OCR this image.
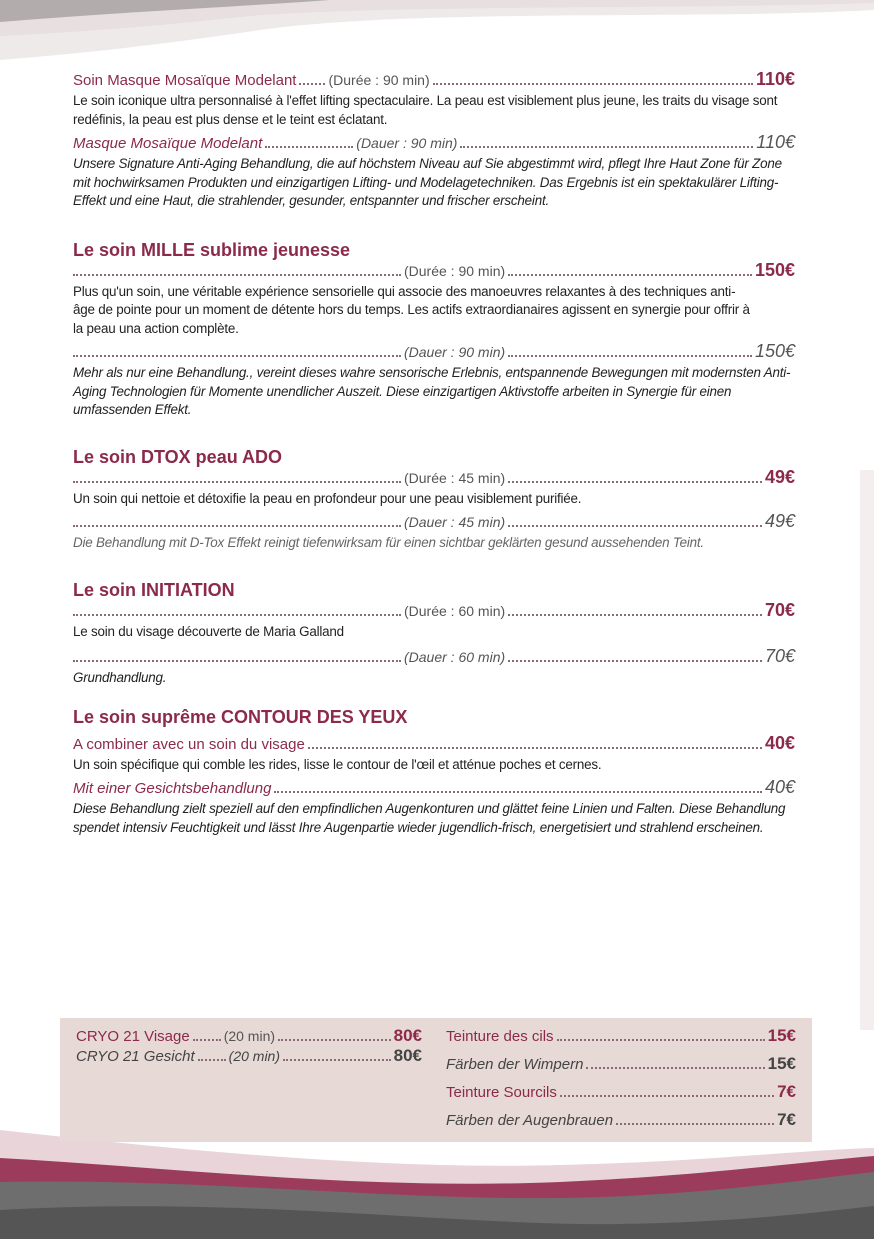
Soin Masque Mosaïque Modelant (Durée : 90 min)	110€
Le soin iconique ultra personnalisé à l'effet lifting spectaculaire. La peau est visiblement plus jeune, les traits du visage sont redéfinis, la peau est plus dense et le teint est éclatant.
Masque Mosaïque Modelant	(Dauer : 90 min)	110€
Unsere Signature Anti-Aging Behandlung, die auf höchstem Niveau auf Sie abgestimmt wird, pflegt Ihre Haut Zone für Zone mit hochwirksamen Produkten und einzigartigen Lifting- und Modelagetechniken. Das Ergebnis ist ein spektakulärer Lifting-Effekt und eine Haut, die strahlender, gesunder, entspannter und frischer erscheint.
Le soin MILLE sublime jeunesse
(Durée : 90 min)	150€
Plus qu'un soin, une véritable expérience sensorielle qui associe des manoeuvres relaxantes à des techniques anti-âge de pointe pour un moment de détente hors du temps. Les actifs extraordianaires agissent en synergie pour offrir à la peau una action complète.
(Dauer : 90 min)	150€
Mehr als nur eine Behandlung., vereint dieses wahre sensorische Erlebnis, entspannende Bewegungen mit modernsten Anti-Aging Technologien für Momente unendlicher Auszeit. Diese einzigartigen Aktivstoffe arbeiten in Synergie für einen umfassenden Effekt.
Le soin DTOX peau ADO
(Durée : 45 min)	49€
Un soin qui nettoie et détoxifie la peau en profondeur pour une peau visiblement purifiée.
(Dauer : 45 min)	49€
Die Behandlung mit D-Tox Effekt reinigt tiefenwirksam für einen sichtbar geklärten gesund aussehenden Teint.
Le soin INITIATION
(Durée : 60 min)	70€
Le soin du visage découverte de Maria Galland
(Dauer : 60 min)	70€
Grundhandlung.
Le soin suprême CONTOUR DES YEUX
A combiner avec un soin du visage	40€
Un soin spécifique qui comble les rides, lisse le contour de l'œil et atténue poches et cernes.
Mit einer Gesichtsbehandlung	40€
Diese Behandlung zielt speziell auf den empfindlichen Augenkonturen und glättet feine Linien und Falten. Diese Behandlung spendet intensiv Feuchtigkeit und lässt Ihre Augenpartie wieder jugendlich-frisch, energetisiert und strahlend erscheinen.
CRYO 21 Visage (20 min)	80€
CRYO 21 Gesicht (20 min)	80€
Teinture des cils	15€
Färben der Wimpern	15€
Teinture Sourcils	7€
Färben der Augenbrauen	7€
